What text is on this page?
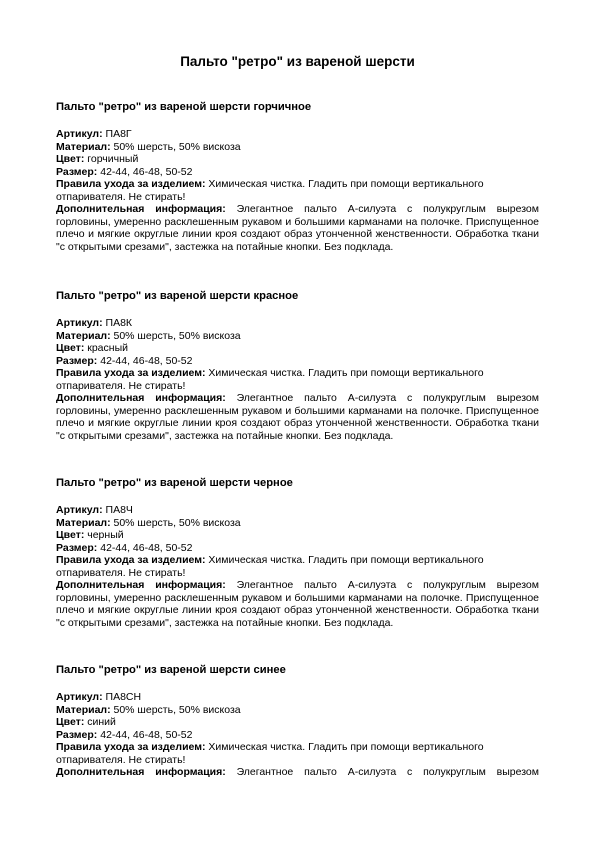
Пальто "ретро" из вареной шерсти
Пальто "ретро" из вареной шерсти горчичное
Артикул: ПА8Г
Материал: 50% шерсть, 50% вискоза
Цвет: горчичный
Размер: 42-44, 46-48, 50-52
Правила ухода за изделием: Химическая чистка. Гладить при помощи вертикального отпаривателя. Не стирать!
Дополнительная информация: Элегантное пальто А-силуэта с полукруглым вырезом горловины, умеренно расклешенным рукавом и большими карманами на полочке. Приспущенное плечо и мягкие округлые линии кроя создают образ утонченной женственности. Обработка ткани "с открытыми срезами", застежка на потайные кнопки. Без подклада.
Пальто "ретро" из вареной шерсти красное
Артикул: ПА8К
Материал: 50% шерсть, 50% вискоза
Цвет: красный
Размер: 42-44, 46-48, 50-52
Правила ухода за изделием: Химическая чистка. Гладить при помощи вертикального отпаривателя. Не стирать!
Дополнительная информация: Элегантное пальто А-силуэта с полукруглым вырезом горловины, умеренно расклешенным рукавом и большими карманами на полочке. Приспущенное плечо и мягкие округлые линии кроя создают образ утонченной женственности. Обработка ткани "с открытыми срезами", застежка на потайные кнопки. Без подклада.
Пальто "ретро" из вареной шерсти черное
Артикул: ПА8Ч
Материал: 50% шерсть, 50% вискоза
Цвет: черный
Размер: 42-44, 46-48, 50-52
Правила ухода за изделием: Химическая чистка. Гладить при помощи вертикального отпаривателя. Не стирать!
Дополнительная информация: Элегантное пальто А-силуэта с полукруглым вырезом горловины, умеренно расклешенным рукавом и большими карманами на полочке. Приспущенное плечо и мягкие округлые линии кроя создают образ утонченной женственности. Обработка ткани "с открытыми срезами", застежка на потайные кнопки. Без подклада.
Пальто "ретро" из вареной шерсти синее
Артикул: ПА8СН
Материал: 50% шерсть, 50% вискоза
Цвет: синий
Размер: 42-44, 46-48, 50-52
Правила ухода за изделием: Химическая чистка. Гладить при помощи вертикального отпаривателя. Не стирать!
Дополнительная информация: Элегантное пальто А-силуэта с полукруглым вырезом
